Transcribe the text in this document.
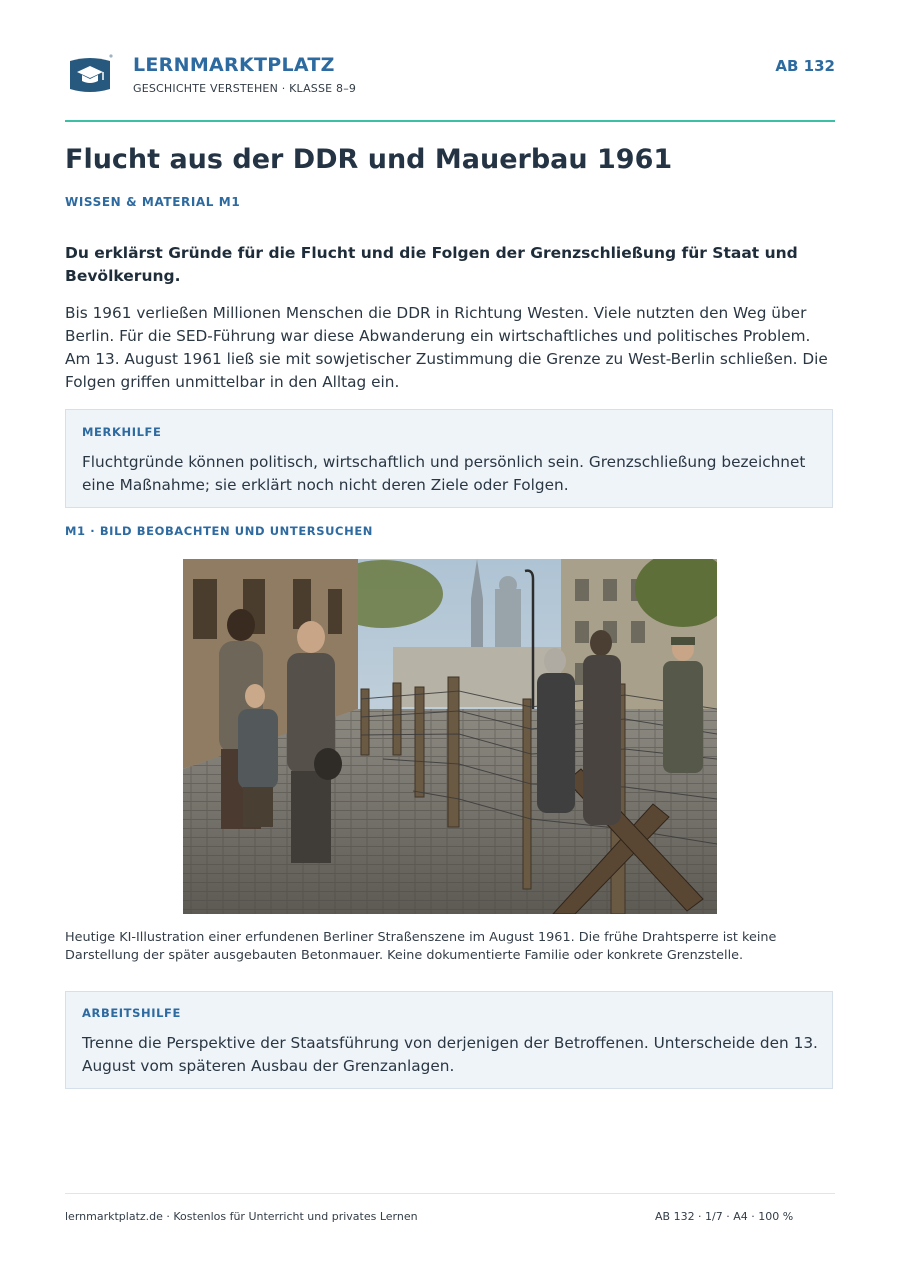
LERNMARKTPLATZ
GESCHICHTE VERSTEHEN · KLASSE 8–9
AB 132
Flucht aus der DDR und Mauerbau 1961
WISSEN & MATERIAL M1

Du erklärst Gründe für die Flucht und die Folgen der Grenzschließung für Staat und Bevölkerung.

Bis 1961 verließen Millionen Menschen die DDR in Richtung Westen. Viele nutzten den Weg über Berlin. Für die SED-Führung war diese Abwanderung ein wirtschaftliches und politisches Problem. Am 13. August 1961 ließ sie mit sowjetischer Zustimmung die Grenze zu West-Berlin schließen. Die Folgen griffen unmittelbar in den Alltag ein.

MERKHILFE

Fluchtgründe können politisch, wirtschaftlich und persönlich sein. Grenzschließung bezeichnet eine Maßnahme; sie erklärt noch nicht deren Ziele oder Folgen.

M1 · BILD BEOBACHTEN UND UNTERSUCHEN

Heutige KI-Illustration einer erfundenen Berliner Straßenszene im August 1961. Die frühe Drahtsperre ist keine Darstellung der später ausgebauten Betonmauer. Keine dokumentierte Familie oder konkrete Grenzstelle.

ARBEITSHILFE

Trenne die Perspektive der Staatsführung von derjenigen der Betroffenen. Unterscheide den 13. August vom späteren Ausbau der Grenzanlagen.

lernmarktplatz.de · Kostenlos für Unterricht und privates Lernen	AB 132 · 1/7 · A4 · 100 %
